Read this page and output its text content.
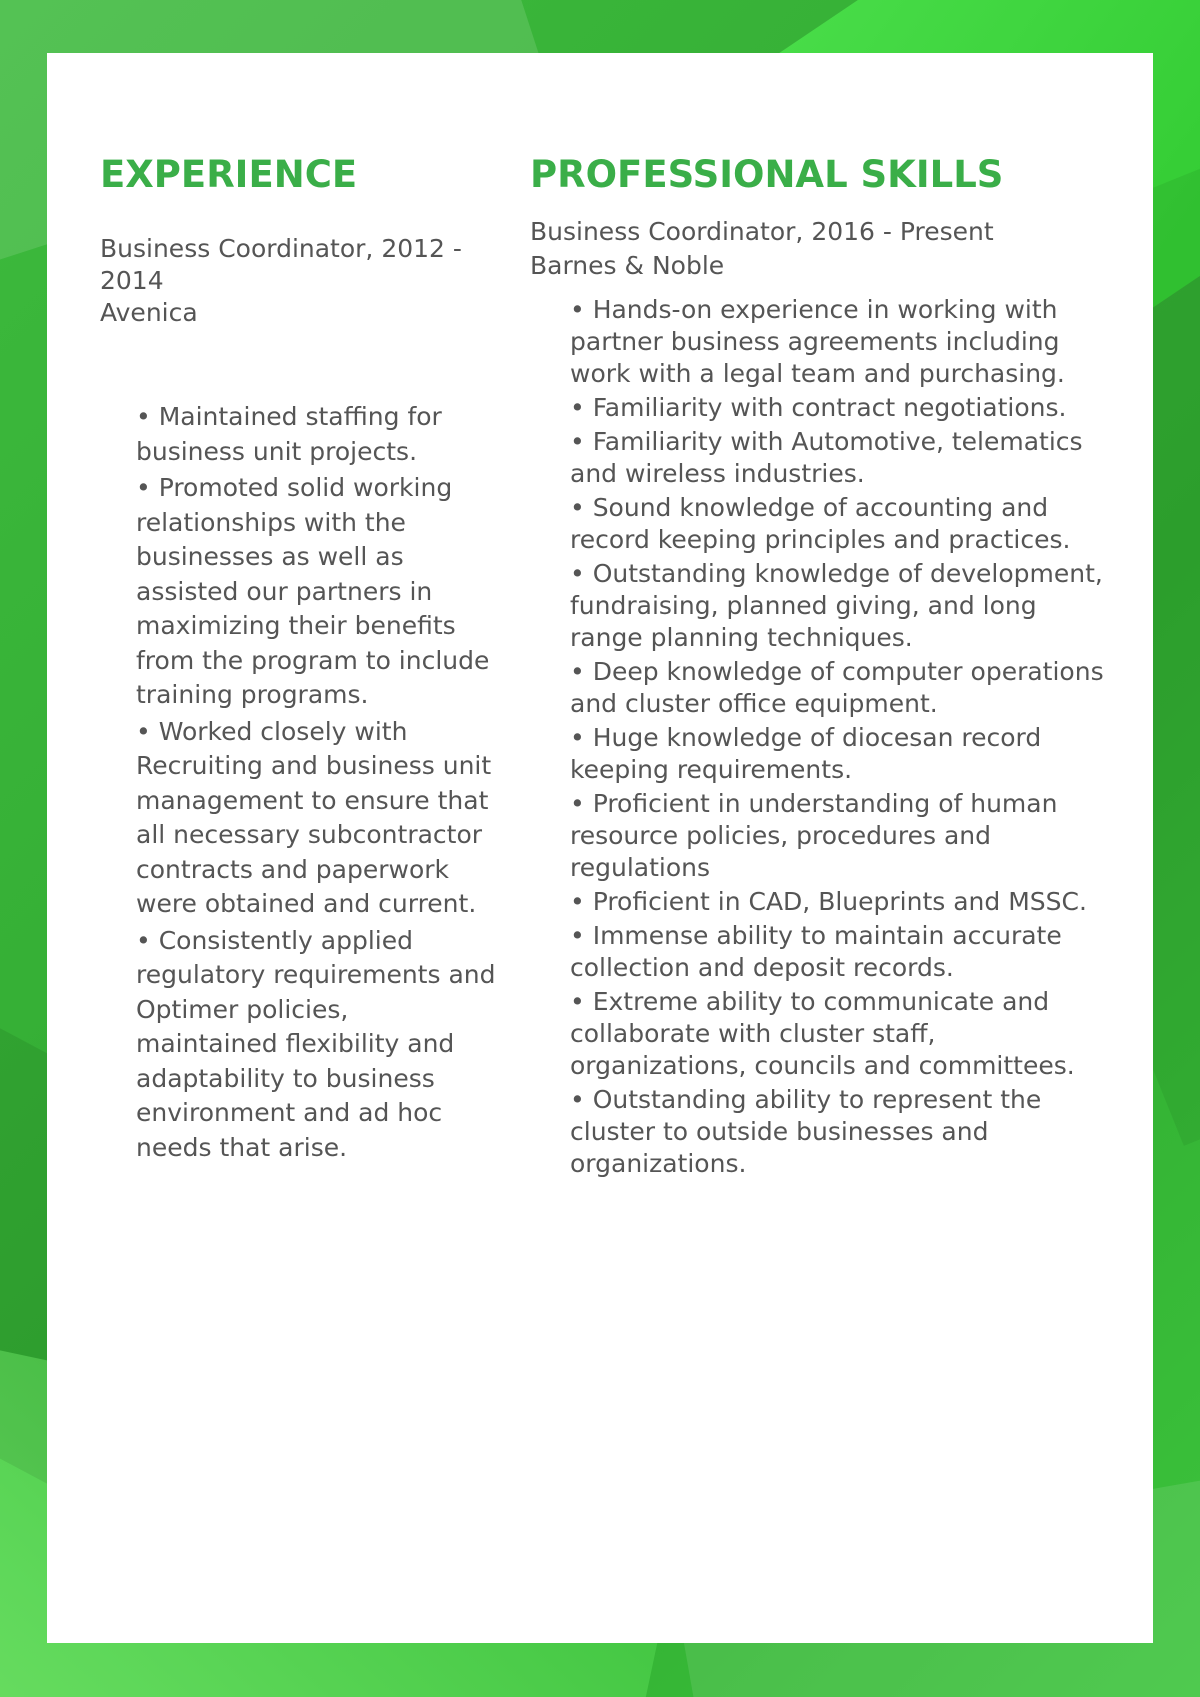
EXPERIENCE
Business Coordinator, 2012 - 2014
Avenica
• Maintained staffing for business unit projects.
• Promoted solid working relationships with the businesses as well as assisted our partners in maximizing their benefits from the program to include training programs.
• Worked closely with Recruiting and business unit management to ensure that all necessary subcontractor contracts and paperwork were obtained and current.
• Consistently applied regulatory requirements and Optimer policies, maintained flexibility and adaptability to business environment and ad hoc needs that arise.
PROFESSIONAL SKILLS
Business Coordinator, 2016 - Present
Barnes & Noble
• Hands-on experience in working with partner business agreements including work with a legal team and purchasing.
• Familiarity with contract negotiations.
• Familiarity with Automotive, telematics and wireless industries.
• Sound knowledge of accounting and record keeping principles and practices.
• Outstanding knowledge of development, fundraising, planned giving, and long range planning techniques.
• Deep knowledge of computer operations and cluster office equipment.
• Huge knowledge of diocesan record keeping requirements.
• Proficient in understanding of human resource policies, procedures and regulations
• Proficient in CAD, Blueprints and MSSC.
• Immense ability to maintain accurate collection and deposit records.
• Extreme ability to communicate and collaborate with cluster staff, organizations, councils and committees.
• Outstanding ability to represent the cluster to outside businesses and organizations.
